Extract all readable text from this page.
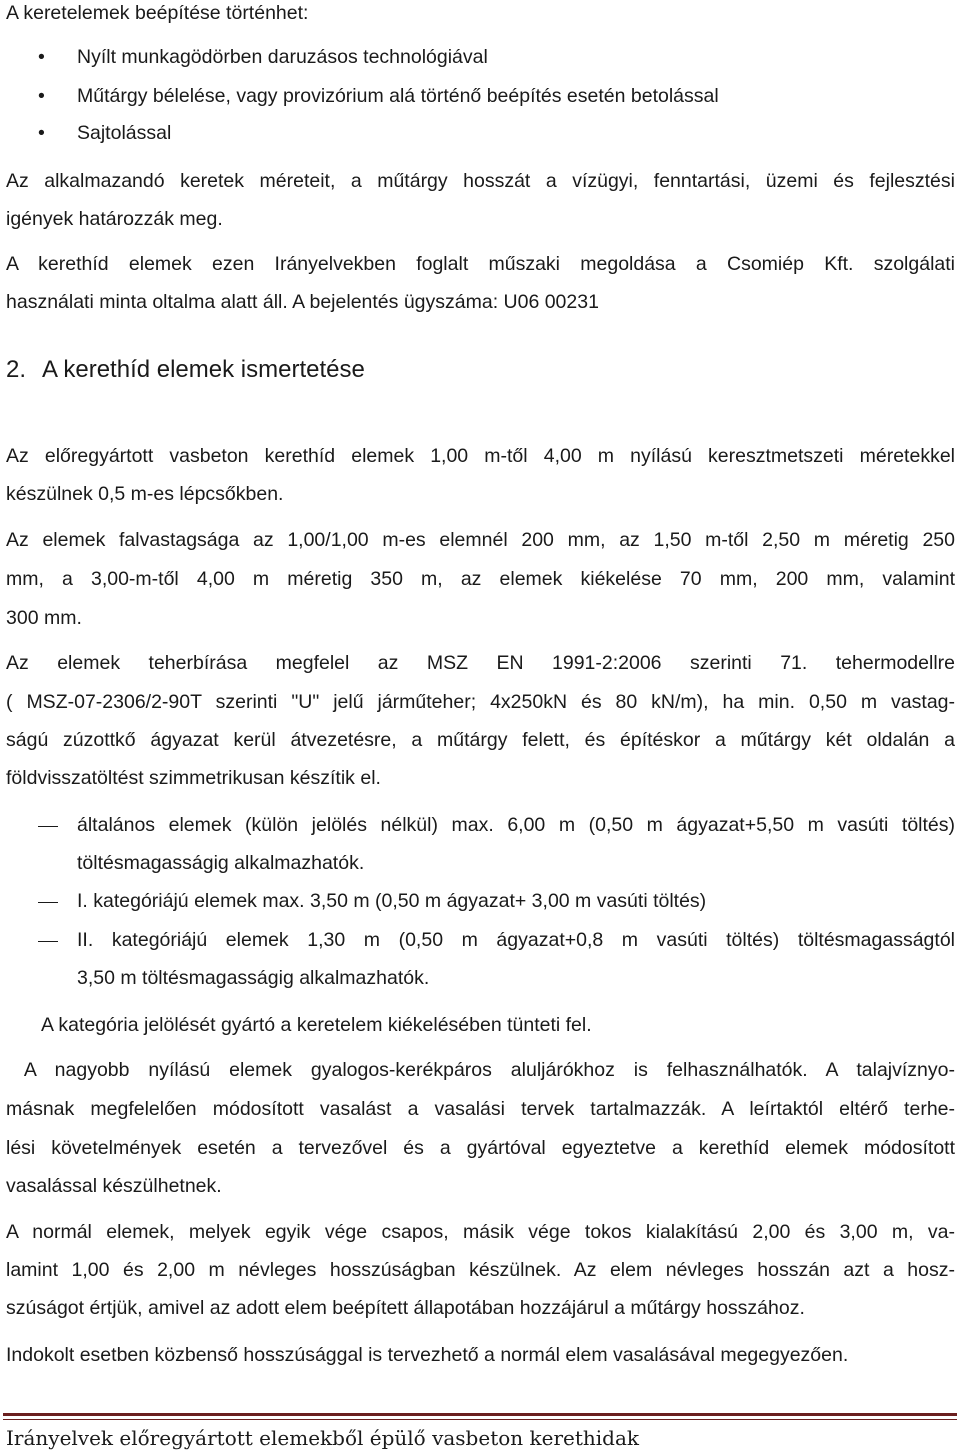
A keretelemek beépítése történhet:
• Nyílt munkagödörben daruzásos technológiával
• Műtárgy bélelése, vagy provizórium alá történő beépítés esetén betolással
• Sajtolással
Az alkalmazandó keretek méreteit, a műtárgy hosszát a vízügyi, fenntartási, üzemi és fejlesztési
igények határozzák meg.
A kerethíd elemek ezen Irányelvekben foglalt műszaki megoldása a Csomiép Kft. szolgálati
használati minta oltalma alatt áll. A bejelentés ügyszáma: U06 00231
2. A kerethíd elemek ismertetése
Az előregyártott vasbeton kerethíd elemek 1,00 m-től 4,00 m nyílású keresztmetszeti méretekkel
készülnek 0,5 m-es lépcsőkben.
Az elemek falvastagsága az 1,00/1,00 m-es elemnél 200 mm, az 1,50 m-től 2,50 m méretig 250
mm, a 3,00-m-től 4,00 m méretig 350 m, az elemek kiékelése 70 mm, 200 mm, valamint
300 mm.
Az elemek teherbírása megfelel az MSZ EN 1991-2:2006 szerinti 71. tehermodellre
( MSZ-07-2306/2-90T szerinti "U" jelű járműteher; 4x250kN és 80 kN/m), ha min. 0,50 m vastag-
ságú zúzottkő ágyazat kerül átvezetésre, a műtárgy felett, és építéskor a műtárgy két oldalán a
földvisszatöltést szimmetrikusan készítik el.
általános elemek (külön jelölés nélkül) max. 6,00 m (0,50 m ágyazat+5,50 m vasúti töltés)
töltésmagasságig alkalmazhatók.
I. kategóriájú elemek max. 3,50 m (0,50 m ágyazat+ 3,00 m vasúti töltés)
II. kategóriájú elemek 1,30 m (0,50 m ágyazat+0,8 m vasúti töltés) töltésmagasságtól
3,50 m töltésmagasságig alkalmazhatók.
A kategória jelölését gyártó a keretelem kiékelésében tünteti fel.
A nagyobb nyílású elemek gyalogos-kerékpáros aluljárókhoz is felhasználhatók. A talajvíznyo-
másnak megfelelően módosított vasalást a vasalási tervek tartalmazzák. A leírtaktól eltérő terhe-
lési követelmények esetén a tervezővel és a gyártóval egyeztetve a kerethíd elemek módosított
vasalással készülhetnek.
A normál elemek, melyek egyik vége csapos, másik vége tokos kialakítású 2,00 és 3,00 m, va-
lamint 1,00 és 2,00 m névleges hosszúságban készülnek. Az elem névleges hosszán azt a hosz-
szúságot értjük, amivel az adott elem beépített állapotában hozzájárul a műtárgy hosszához.
Indokolt esetben közbenső hosszúsággal is tervezhető a normál elem vasalásával megegyezően.
Irányelvek előregyártott elemekből épülő vasbeton kerethidak
